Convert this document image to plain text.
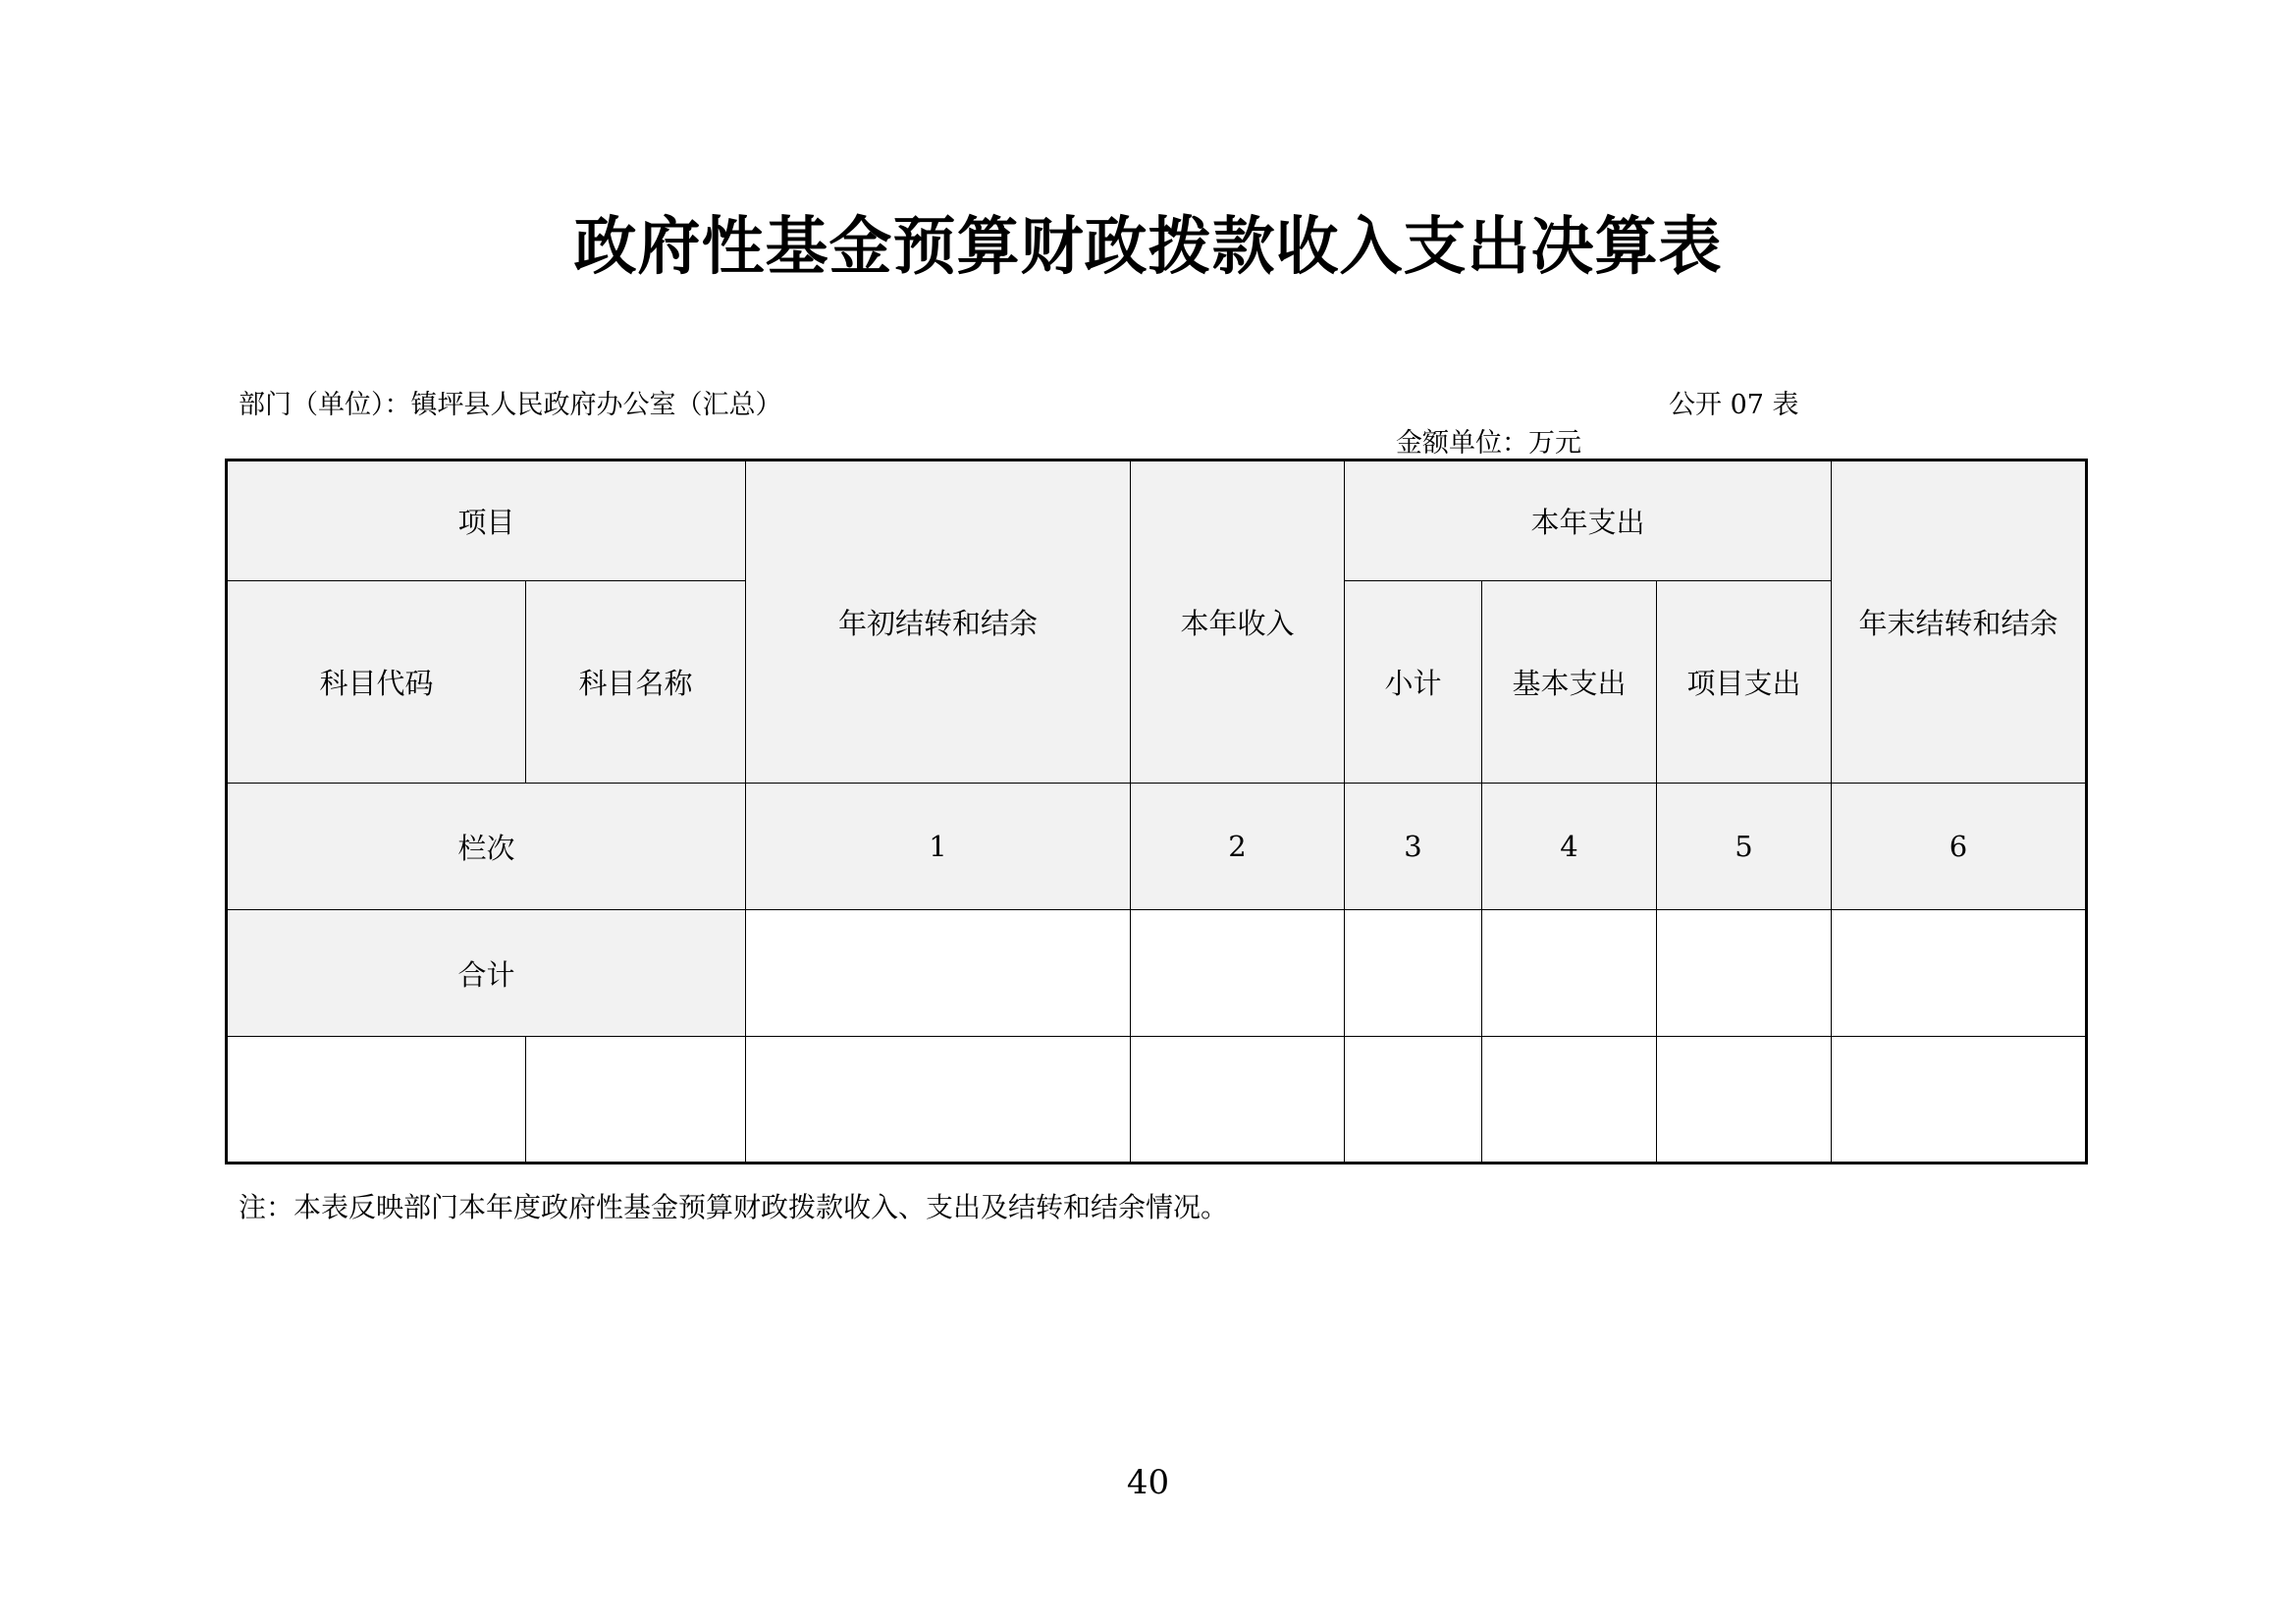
政府性基金预算财政拨款收入支出决算表
部门（单位）：镇坪县人民政府办公室（汇总）	公开 07 表
金额单位：万元
项目		年初结转和结余	本年收入	本年支出			年末结转和结余
科目代码	科目名称			小计	基本支出	项目支出	
栏次		1	2	3	4	5	6
合计							

注：本表反映部门本年度政府性基金预算财政拨款收入、支出及结转和结余情况。
40
